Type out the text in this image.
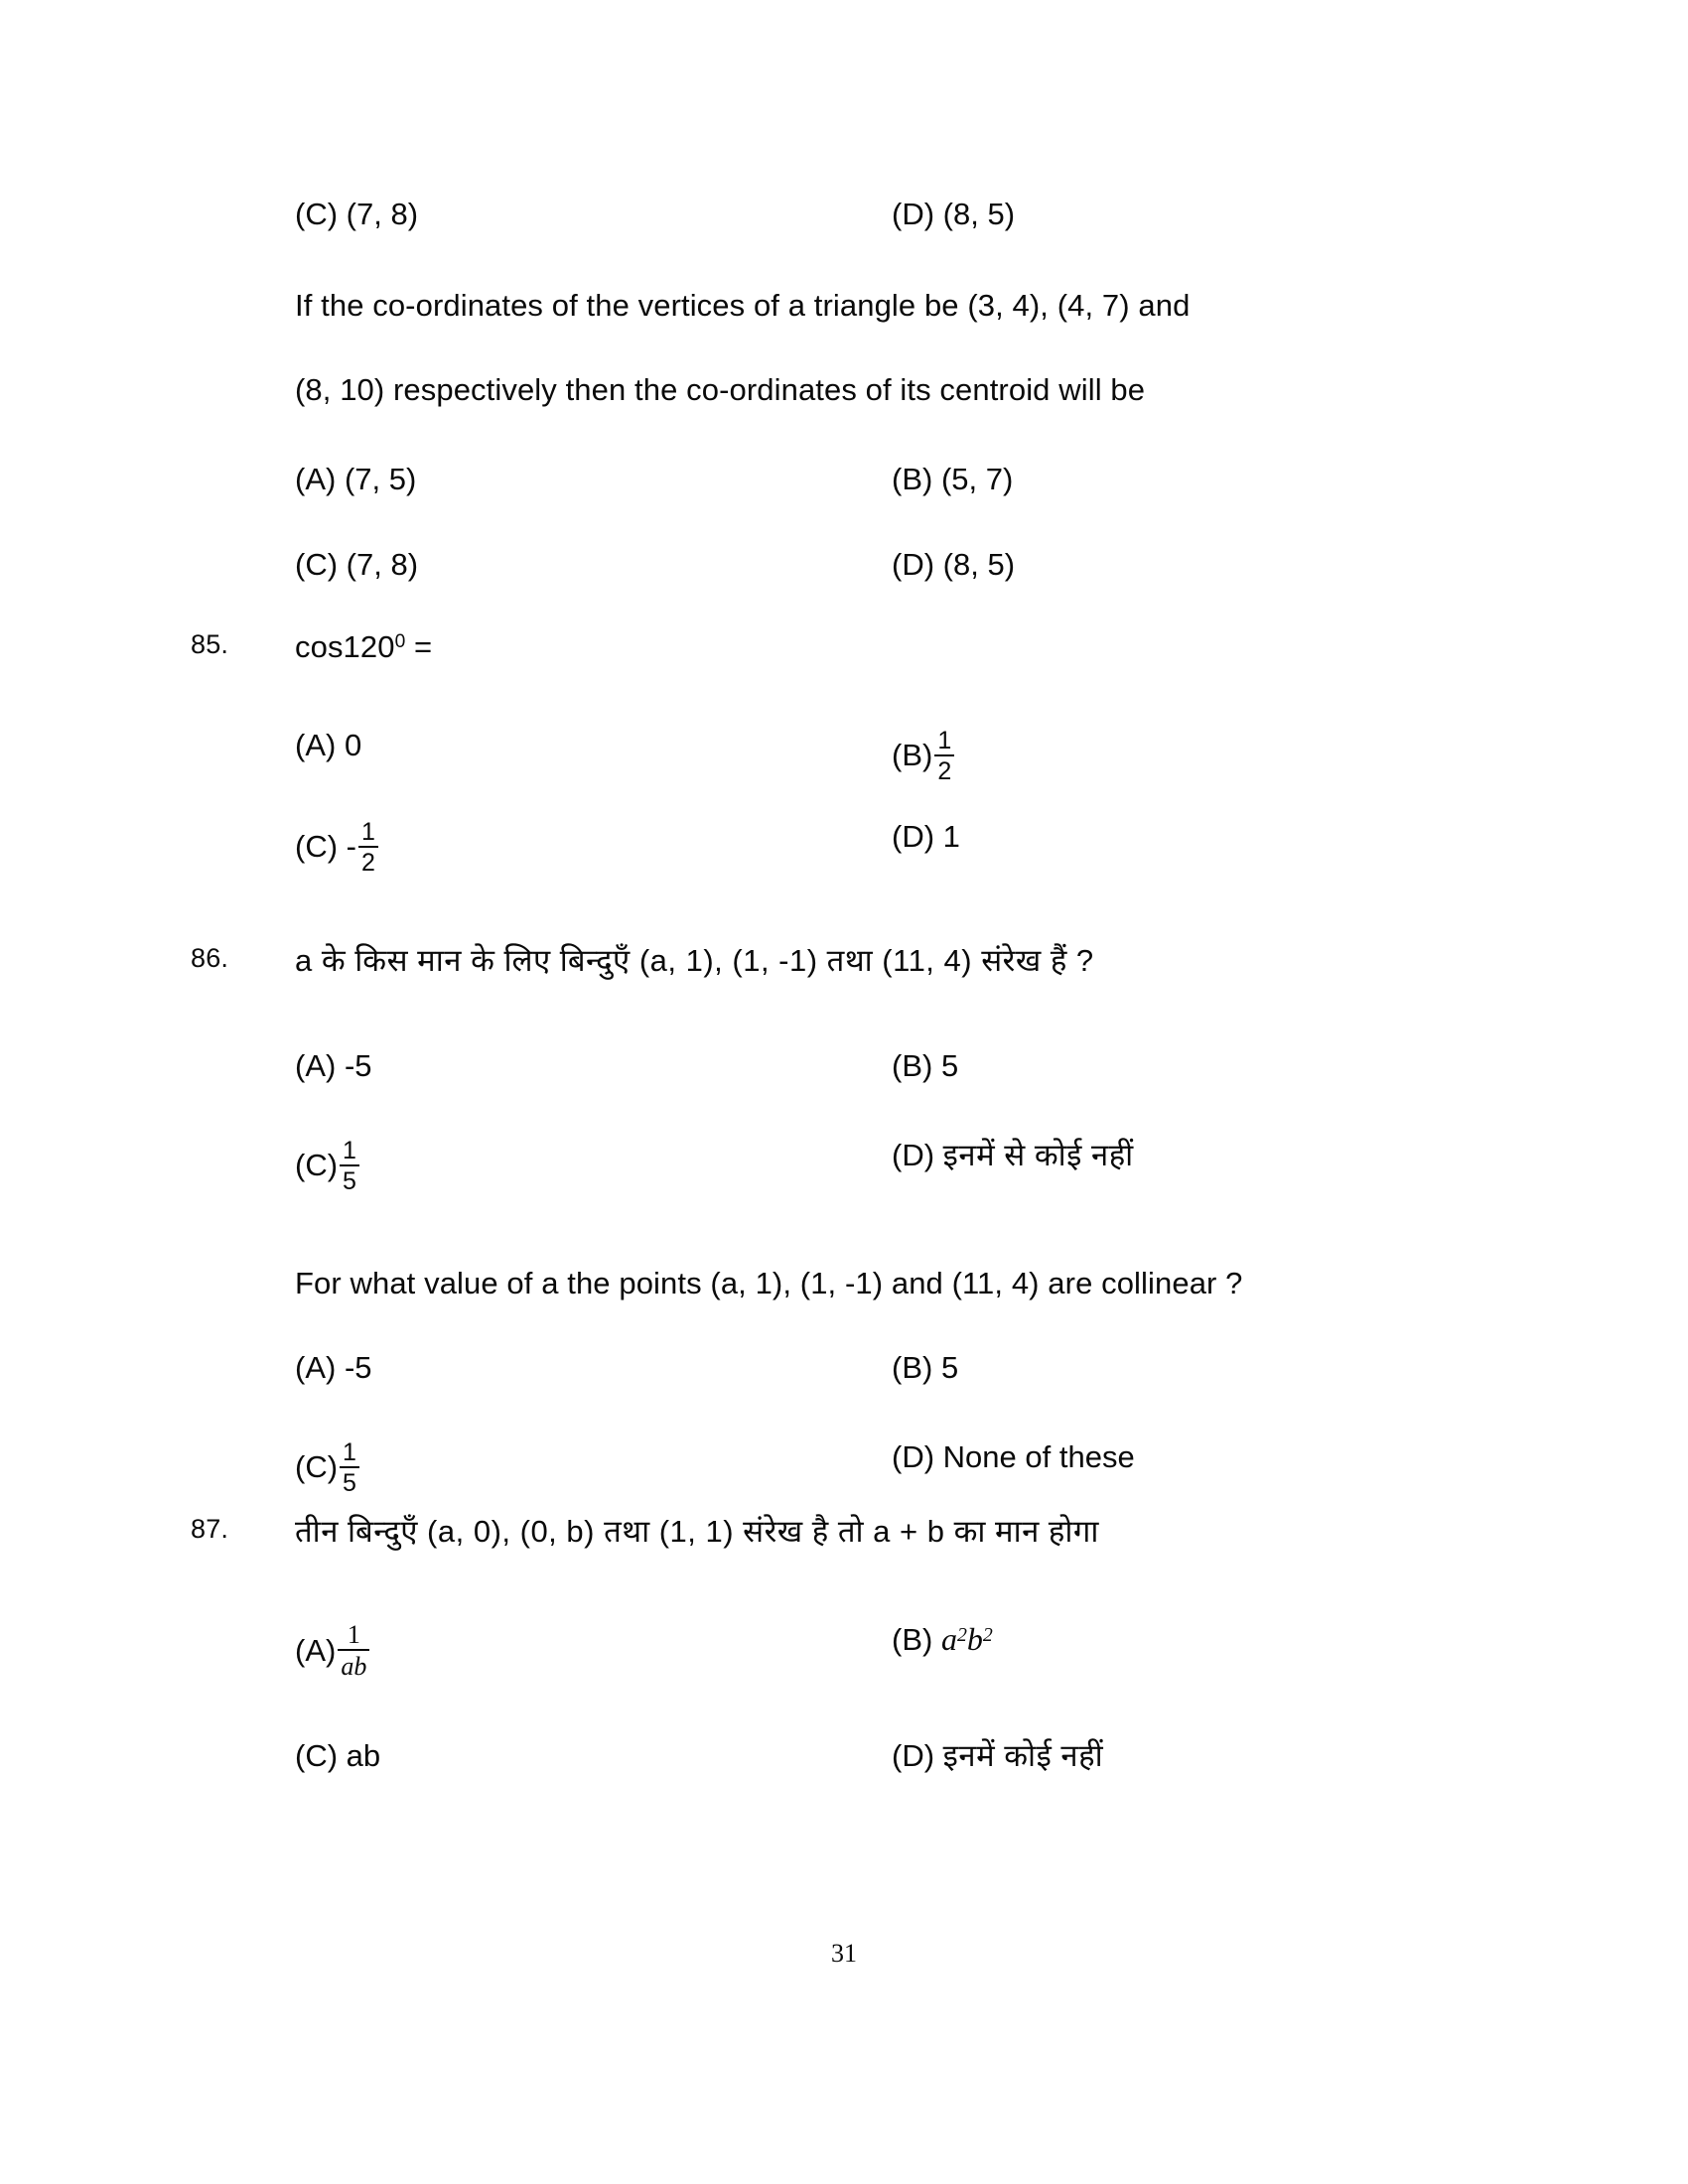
(C) (7, 8)	(D) (8, 5)
If the co-ordinates of the vertices of a triangle be (3, 4), (4, 7) and
(8, 10) respectively then the co-ordinates of its centroid will be
(A) (7, 5)	(B) (5, 7)
(C) (7, 8)	(D) (8, 5)
85.	$\cos 120^0$ =
(A) 0	$(B) \frac{1}{2}$
$(C) - \frac{1}{2}$	(D) 1
86.	a के किस मान के लिए बिन्दुएँ (a, 1), (1, -1) तथा (11, 4) संरेख हैं ?
(A) -5	(B) 5
$(C) \frac{1}{5}$	(D) इनमें से कोई नहीं
For what value of a the points (a, 1), (1, -1) and (11, 4) are collinear ?
(A) -5	(B) 5
$(C) \frac{1}{5}$	(D) None of these
87.	तीन बिन्दुएँ (a, 0), (0, b) तथा (1, 1) संरेख है तो a + b का मान होगा
$(A) \frac{1}{ab}$	(B) $a^2b^2$
(C) ab	(D) इनमें कोई नहीं
31
